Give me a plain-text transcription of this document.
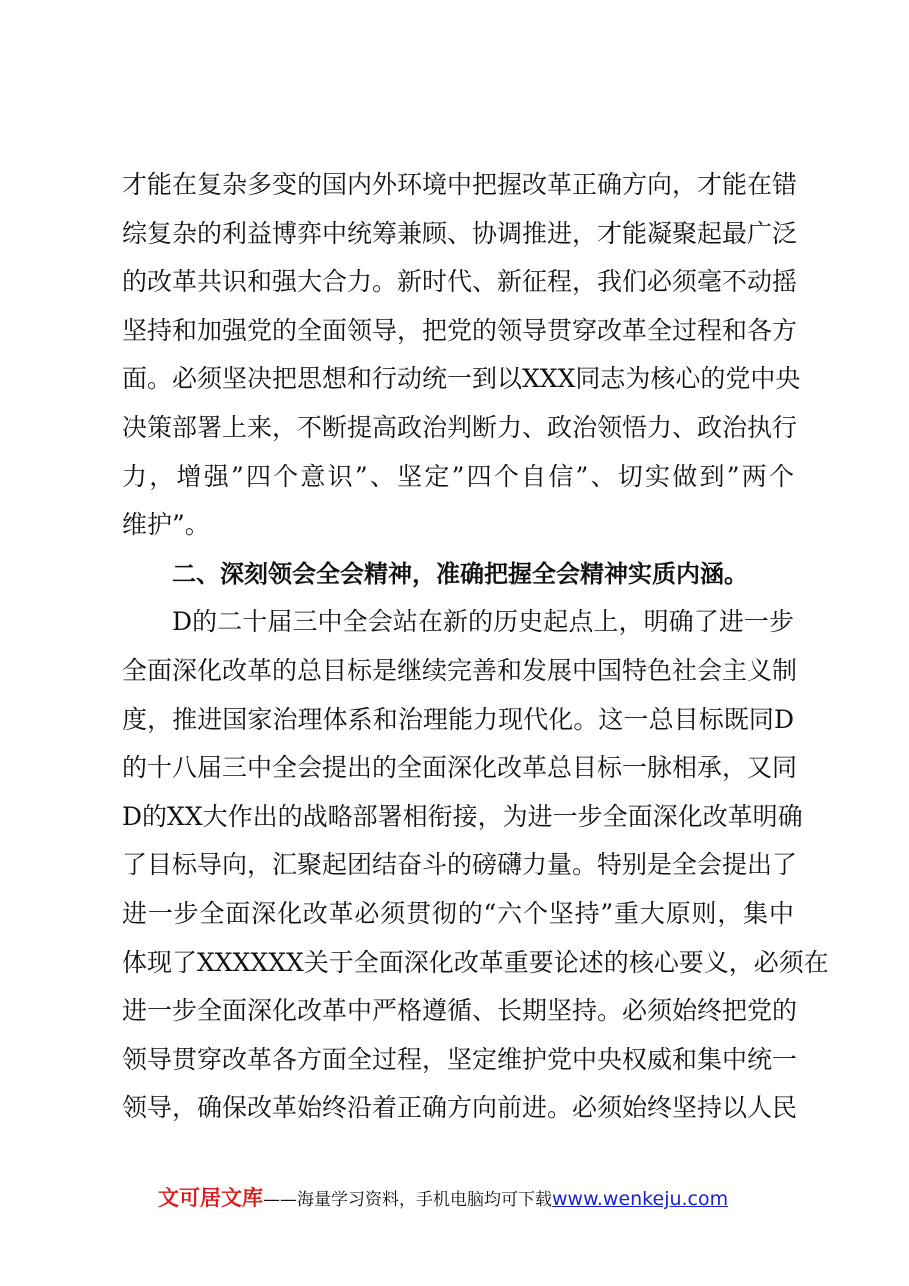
才能在复杂多变的国内外环境中把握改革正确方向，才能在错
综复杂的利益博弈中统筹兼顾、协调推进，才能凝聚起最广泛
的改革共识和强大合力。新时代、新征程，我们必须毫不动摇
坚持和加强党的全面领导，把党的领导贯穿改革全过程和各方
面。必须坚决把思想和行动统一到以XXX同志为核心的党中央
决策部署上来，不断提高政治判断力、政治领悟力、政治执行
力，增强”四个意识”、坚定”四个自信”、切实做到”两个
维护”。
二、深刻领会全会精神，准确把握全会精神实质内涵。
D的二十届三中全会站在新的历史起点上，明确了进一步
全面深化改革的总目标是继续完善和发展中国特色社会主义制
度，推进国家治理体系和治理能力现代化。这一总目标既同D
的十八届三中全会提出的全面深化改革总目标一脉相承，又同
D的XX大作出的战略部署相衔接，为进一步全面深化改革明确
了目标导向，汇聚起团结奋斗的磅礴力量。特别是全会提出了
进一步全面深化改革必须贯彻的“六个坚持”重大原则，集中
体现了XXXXXX关于全面深化改革重要论述的核心要义，必须在
进一步全面深化改革中严格遵循、长期坚持。必须始终把党的
领导贯穿改革各方面全过程，坚定维护党中央权威和集中统一
领导，确保改革始终沿着正确方向前进。必须始终坚持以人民
文可居文库——海量学习资料，手机电脑均可下载www.wenkeju.com
